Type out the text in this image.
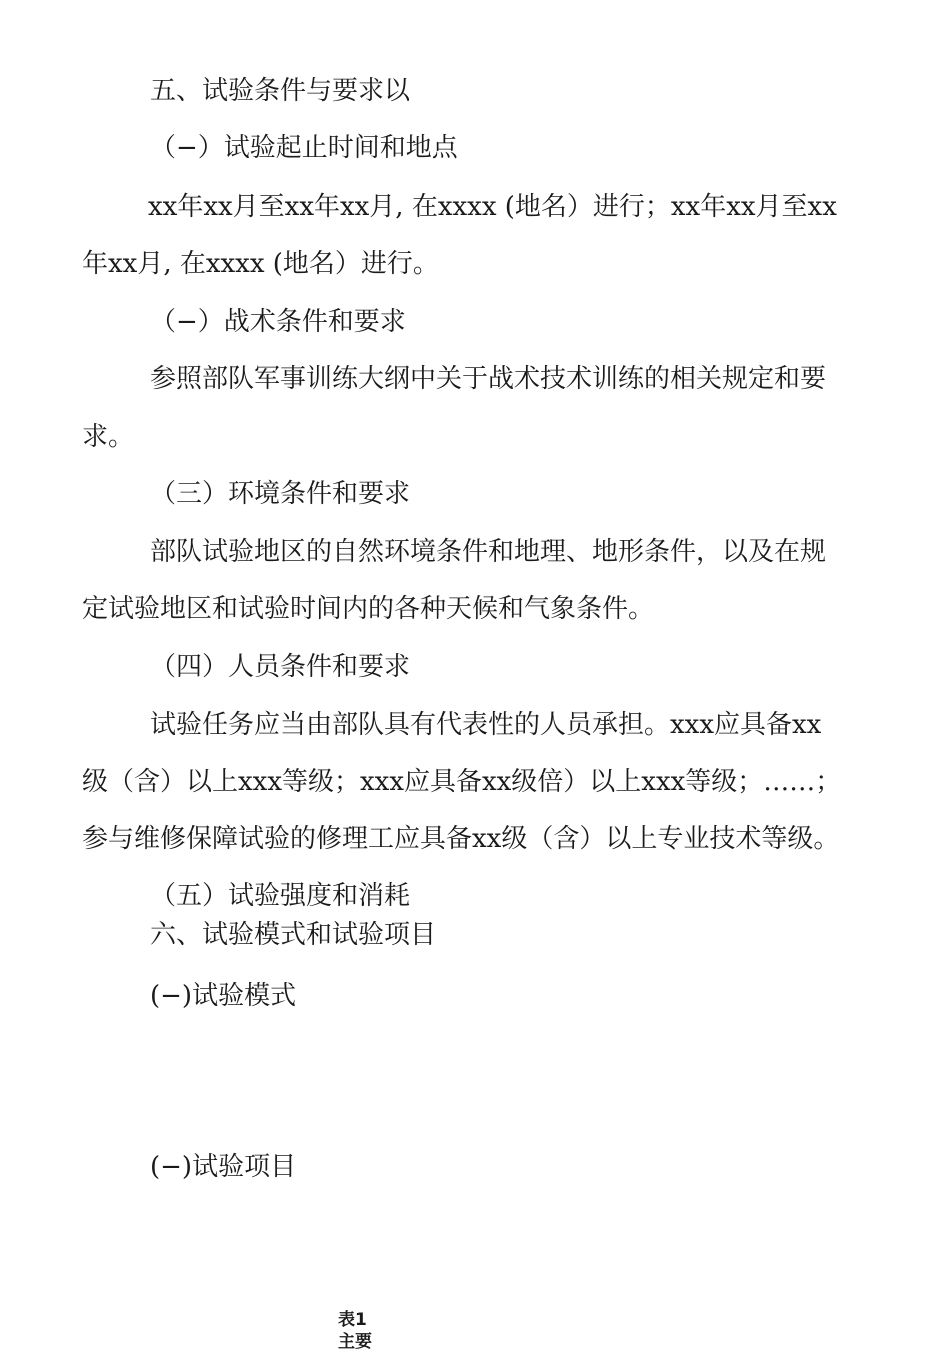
五、试验条件与要求以

（−）试验起止时间和地点

xx年xx月至xx年xx月, 在xxxx (地名）进行；xx年xx月至xx

年xx月, 在xxxx (地名）进行。

（−）战术条件和要求

参照部队军事训练大纲中关于战术技术训练的相关规定和要

求。

（三）环境条件和要求

部队试验地区的自然环境条件和地理、地形条件，以及在规

定试验地区和试验时间内的各种天候和气象条件。

（四）人员条件和要求

试验任务应当由部队具有代表性的人员承担。xxx应具备xx

级（含）以上xxx等级；xxx应具备xx级倍）以上xxx等级；……；

参与维修保障试验的修理工应具备xx级（含）以上专业技术等级。

（五）试验强度和消耗

六、试验模式和试验项目

(−)试验模式

(−)试验项目

表1
主要
